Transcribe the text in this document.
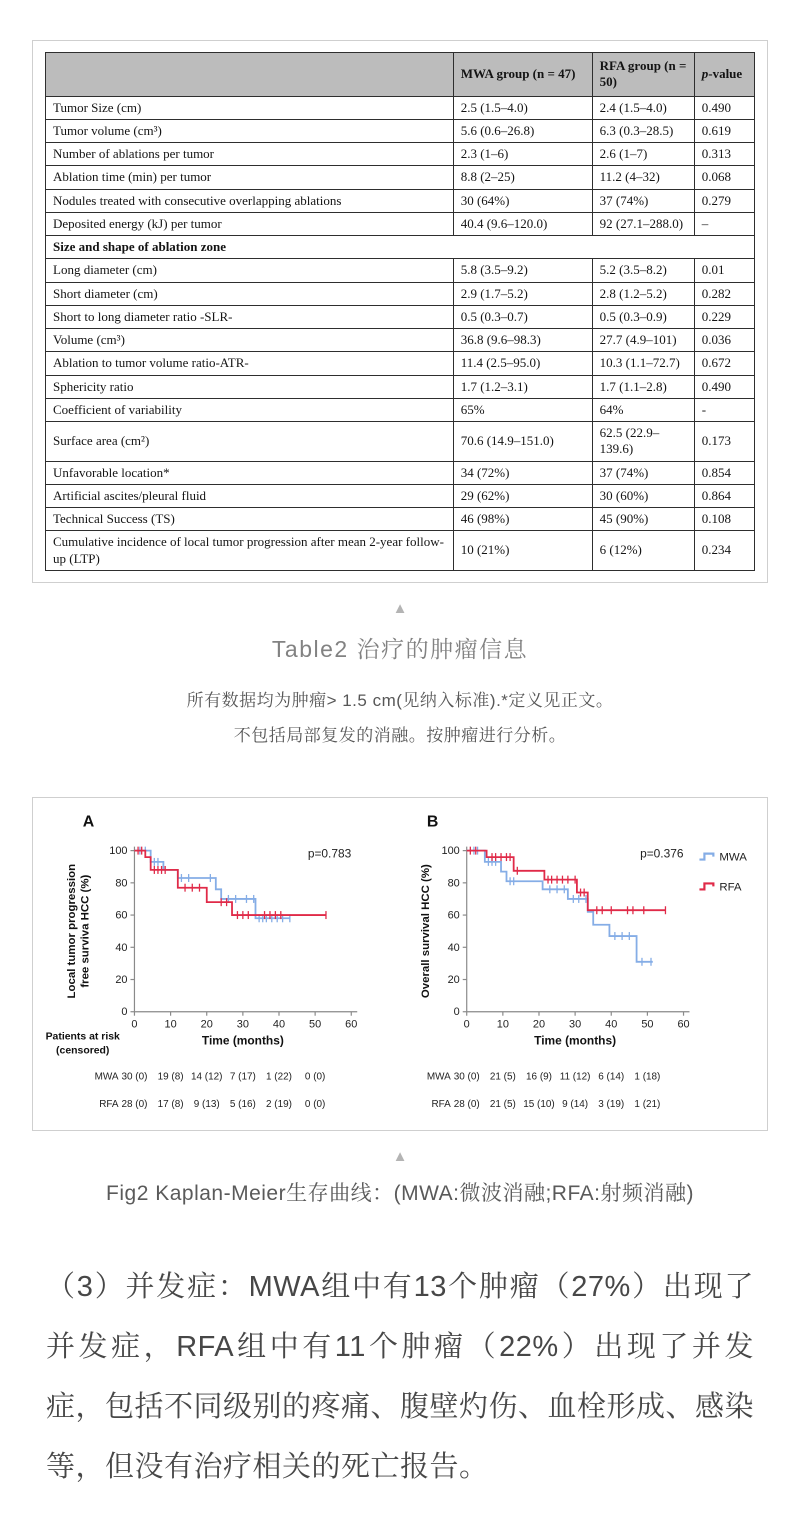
	MWA group (n = 47)	RFA group (n = 50)	p-value
Tumor Size (cm)	2.5 (1.5–4.0)	2.4 (1.5–4.0)	0.490
Tumor volume (cm³)	5.6 (0.6–26.8)	6.3 (0.3–28.5)	0.619
Number of ablations per tumor	2.3 (1–6)	2.6 (1–7)	0.313
Ablation time (min) per tumor	8.8 (2–25)	11.2 (4–32)	0.068
Nodules treated with consecutive overlapping ablations	30 (64%)	37 (74%)	0.279
Deposited energy (kJ) per tumor	40.4 (9.6–120.0)	92 (27.1–288.0)	–
Size and shape of ablation zone			
Long diameter (cm)	5.8 (3.5–9.2)	5.2 (3.5–8.2)	0.01
Short diameter (cm)	2.9 (1.7–5.2)	2.8 (1.2–5.2)	0.282
Short to long diameter ratio -SLR-	0.5 (0.3–0.7)	0.5 (0.3–0.9)	0.229
Volume (cm³)	36.8 (9.6–98.3)	27.7 (4.9–101)	0.036
Ablation to tumor volume ratio-ATR-	11.4 (2.5–95.0)	10.3 (1.1–72.7)	0.672
Sphericity ratio	1.7 (1.2–3.1)	1.7 (1.1–2.8)	0.490
Coefficient of variability	65%	64%	-
Surface area (cm²)	70.6 (14.9–151.0)	62.5 (22.9–139.6)	0.173
Unfavorable location*	34 (72%)	37 (74%)	0.854
Artificial ascites/pleural fluid	29 (62%)	30 (60%)	0.864
Technical Success (TS)	46 (98%)	45 (90%)	0.108
Cumulative incidence of local tumor progression after mean 2-year follow-up (LTP)	10 (21%)	6 (12%)	0.234
▲
Table2 治疗的肿瘤信息
所有数据均为肿瘤> 1.5 cm(见纳入标准).*定义见正文。
不包括局部复发的消融。按肿瘤进行分析。
A
0
20
40
60
80
100
0 10 20 30 40 50 60
Local tumor progression free surviva HCC (%)
Time (months)
p=0.783
Patients at risk
(censored)
MWA 30 (0) 19 (8) 14 (12) 7 (17) 1 (22) 0 (0)
RFA 28 (0) 17 (8) 9 (13) 5 (16) 2 (19) 0 (0)
B
0
20
40
60
80
100
0 10 20 30 40 50 60
Overall survival HCC (%)
Time (months)
p=0.376	MWA
RFA
MWA 30 (0) 21 (5) 16 (9) 11 (12) 6 (14) 1 (18)
RFA 28 (0) 21 (5) 15 (10) 9 (14) 3 (19) 1 (21)
▲
Fig2 Kaplan-Meier生存曲线：(MWA:微波消融;RFA:射频消融)

（3）并发症：MWA组中有13个肿瘤（27%）出现了并发症，RFA组中有11个肿瘤（22%）出现了并发症，包括不同级别的疼痛、腹壁灼伤、血栓形成、感染等，但没有治疗相关的死亡报告。
